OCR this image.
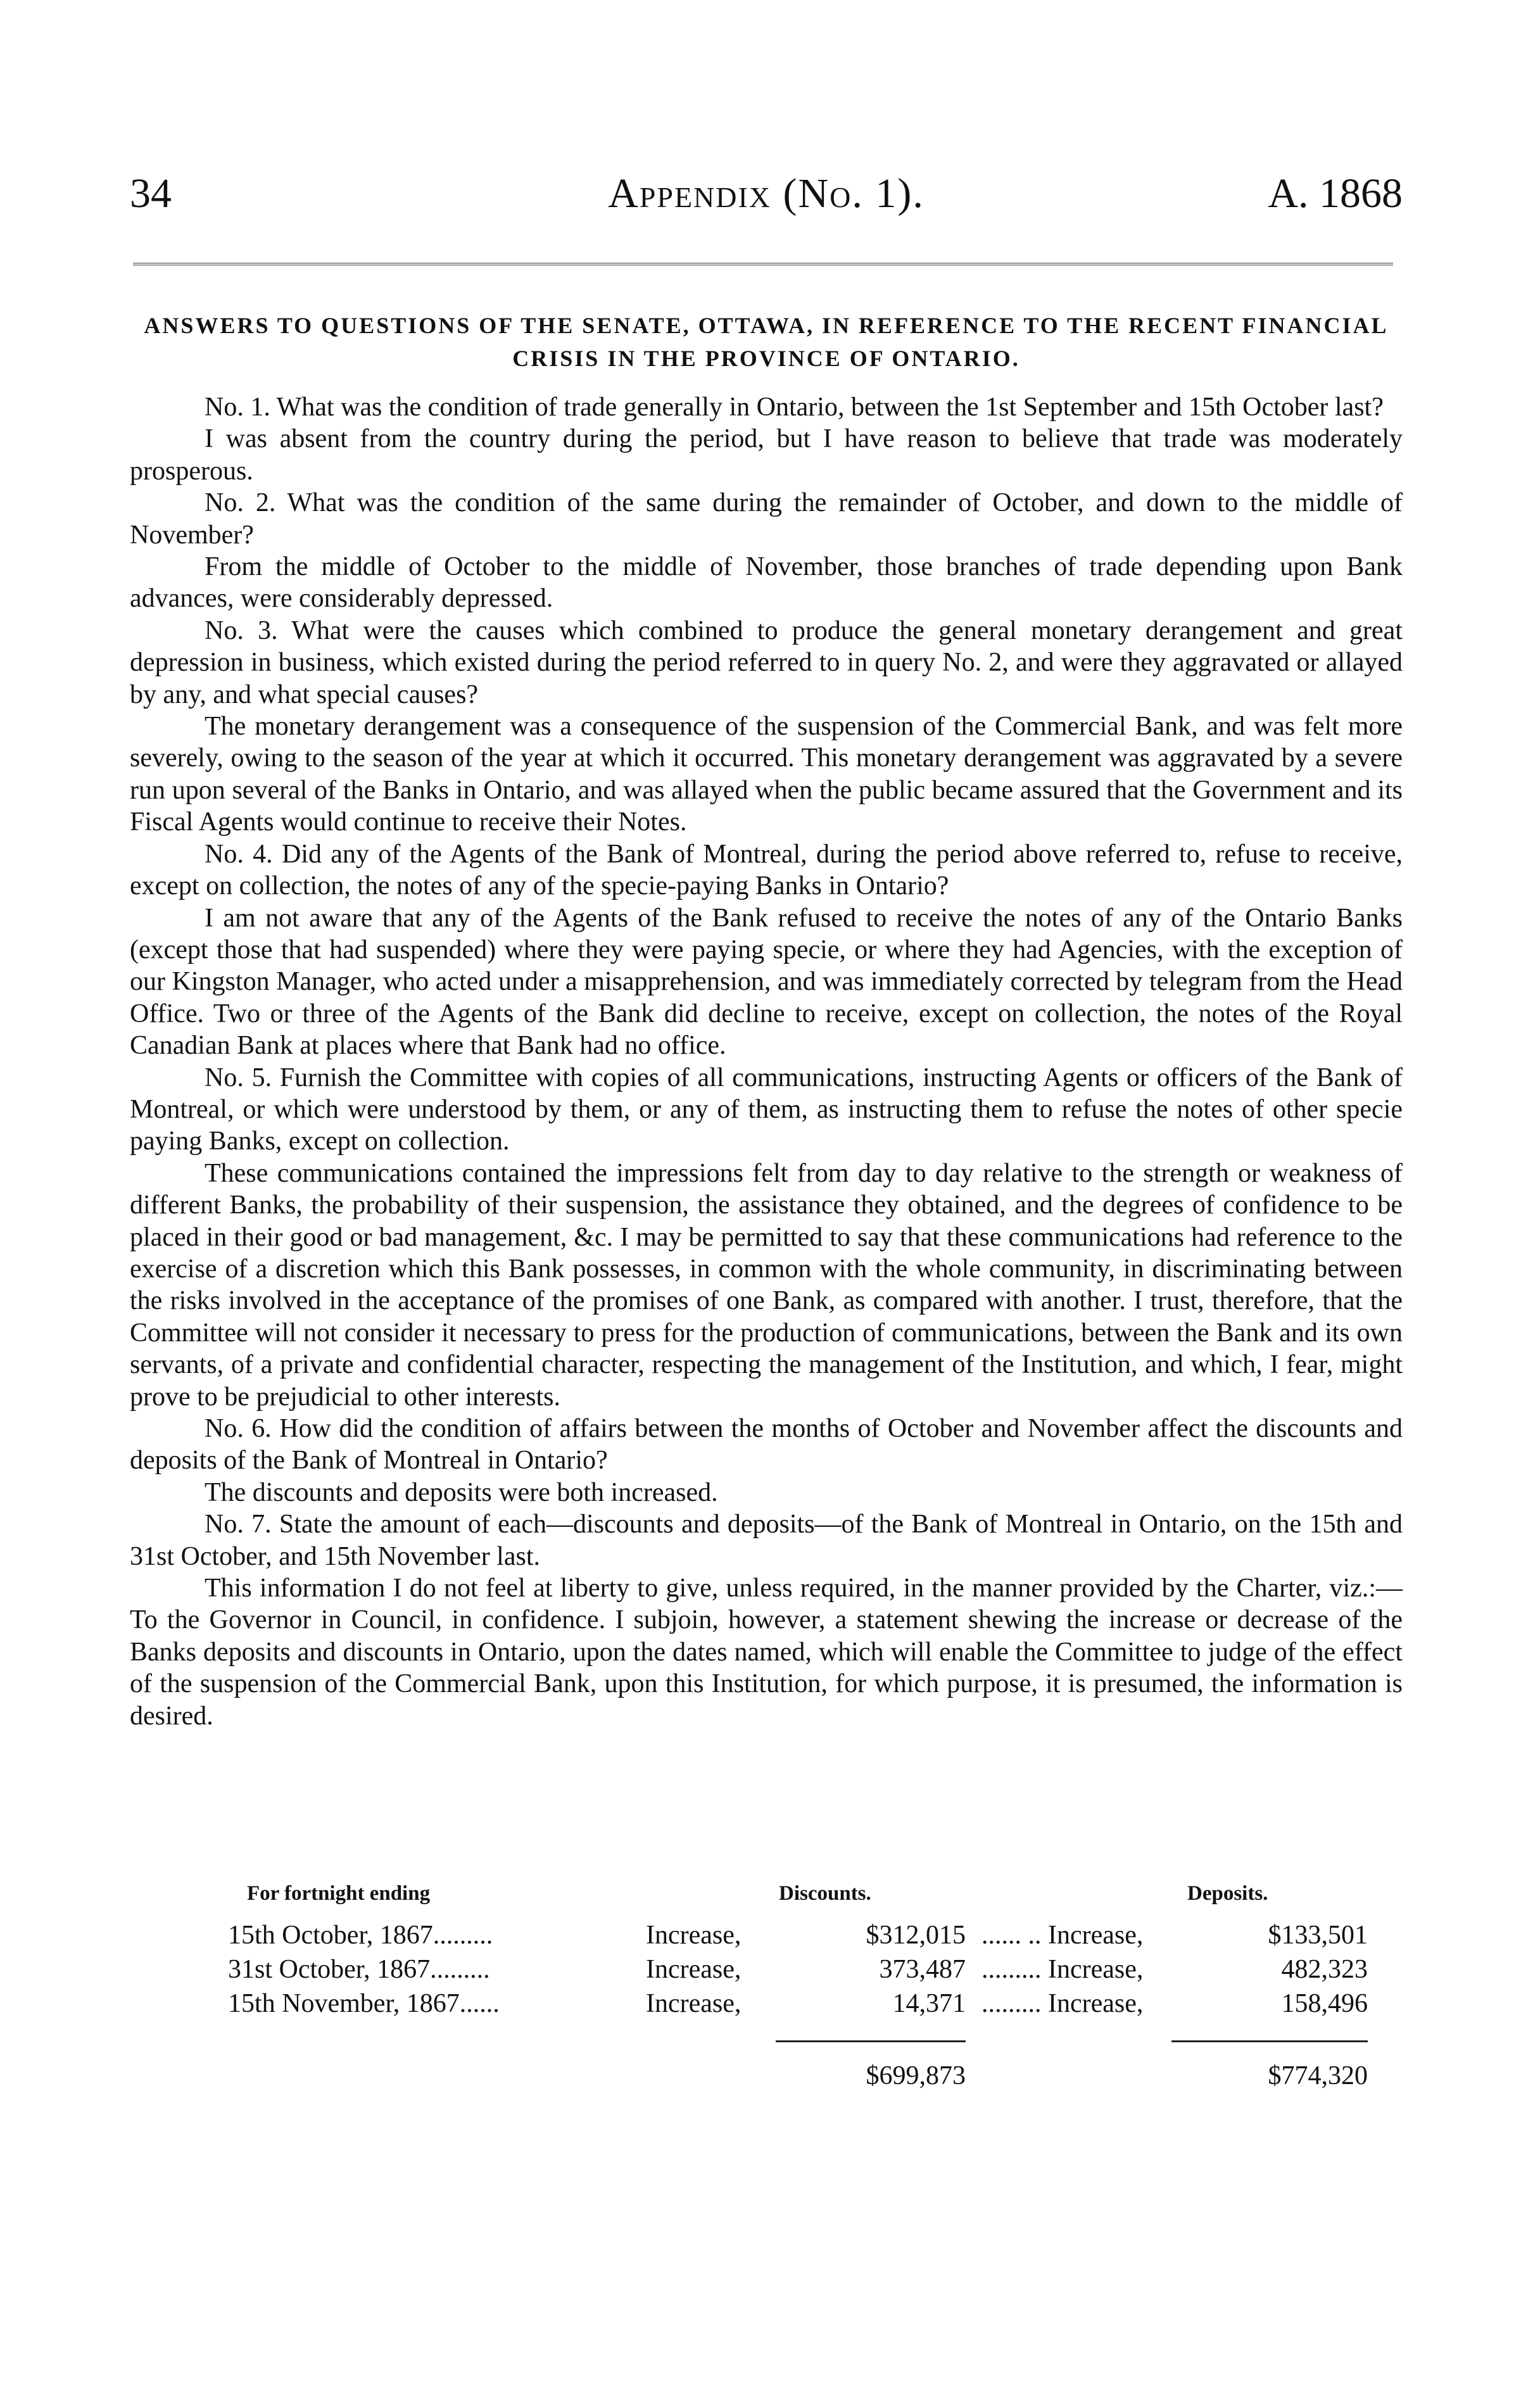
34	Appendix (No. 1).	A. 1868
ANSWERS TO QUESTIONS OF THE SENATE, OTTAWA, IN REFERENCE TO THE RECENT FINANCIAL CRISIS IN THE PROVINCE OF ONTARIO.

No. 1. What was the condition of trade generally in Ontario, between the 1st September and 15th October last?

I was absent from the country during the period, but I have reason to believe that trade was moderately prosperous.

No. 2. What was the condition of the same during the remainder of October, and down to the middle of November?

From the middle of October to the middle of November, those branches of trade depending upon Bank advances, were considerably depressed.

No. 3. What were the causes which combined to produce the general monetary derangement and great depression in business, which existed during the period referred to in query No. 2, and were they aggravated or allayed by any, and what special causes?

The monetary derangement was a consequence of the suspension of the Commercial Bank, and was felt more severely, owing to the season of the year at which it occurred. This monetary derangement was aggravated by a severe run upon several of the Banks in Ontario, and was allayed when the public became assured that the Government and its Fiscal Agents would continue to receive their Notes.

No. 4. Did any of the Agents of the Bank of Montreal, during the period above referred to, refuse to receive, except on collection, the notes of any of the specie-paying Banks in Ontario?

I am not aware that any of the Agents of the Bank refused to receive the notes of any of the Ontario Banks (except those that had suspended) where they were paying specie, or where they had Agencies, with the exception of our Kingston Manager, who acted under a misapprehension, and was immediately corrected by telegram from the Head Office. Two or three of the Agents of the Bank did decline to receive, except on collection, the notes of the Royal Canadian Bank at places where that Bank had no office.

No. 5. Furnish the Committee with copies of all communications, instructing Agents or officers of the Bank of Montreal, or which were understood by them, or any of them, as instructing them to refuse the notes of other specie paying Banks, except on collection.

These communications contained the impressions felt from day to day relative to the strength or weakness of different Banks, the probability of their suspension, the assistance they obtained, and the degrees of confidence to be placed in their good or bad management, &c. I may be permitted to say that these communications had reference to the exercise of a discretion which this Bank possesses, in common with the whole community, in discriminating between the risks involved in the acceptance of the promises of one Bank, as compared with another. I trust, therefore, that the Committee will not consider it necessary to press for the production of communications, between the Bank and its own servants, of a private and confidential character, respecting the management of the Institution, and which, I fear, might prove to be prejudicial to other interests.

No. 6. How did the condition of affairs between the months of October and November affect the discounts and deposits of the Bank of Montreal in Ontario?

The discounts and deposits were both increased.

No. 7. State the amount of each—discounts and deposits—of the Bank of Montreal in Ontario, on the 15th and 31st October, and 15th November last.

This information I do not feel at liberty to give, unless required, in the manner provided by the Charter, viz.:—To the Governor in Council, in confidence. I subjoin, however, a statement shewing the increase or decrease of the Banks deposits and discounts in Ontario, upon the dates named, which will enable the Committee to judge of the effect of the suspension of the Commercial Bank, upon this Institution, for which purpose, it is presumed, the information is desired.

For fortnight ending	Discounts.	Deposits.
15th October, 1867.........	Increase,	$312,015 ...... .. Increase,	$133,501
31st October, 1867.........	Increase,	373,487 ......... Increase,	482,323
15th November, 1867......	Increase,	14,371 ......... Increase,	158,496
$699,873	$774,320
